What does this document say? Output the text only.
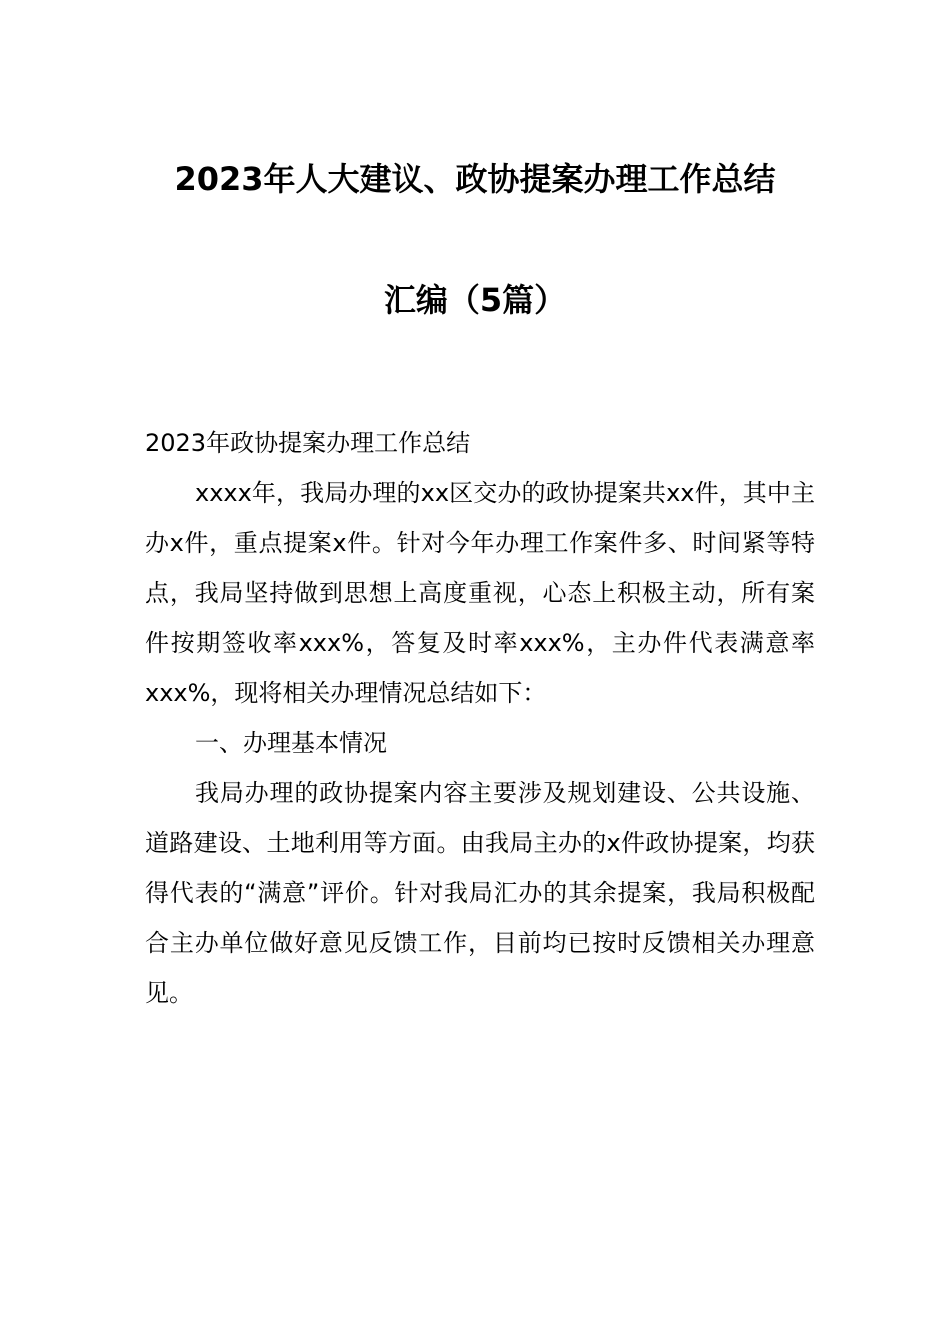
2023年人大建议、政协提案办理工作总结
汇编（5篇）

2023年政协提案办理工作总结

xxxx年，我局办理的xx区交办的政协提案共xx件，其中主办x件，重点提案x件。针对今年办理工作案件多、时间紧等特点，我局坚持做到思想上高度重视，心态上积极主动，所有案件按期签收率xxx%，答复及时率xxx%，主办件代表满意率xxx%，现将相关办理情况总结如下：

一、办理基本情况

我局办理的政协提案内容主要涉及规划建设、公共设施、道路建设、土地利用等方面。由我局主办的x件政协提案，均获得代表的“满意”评价。针对我局汇办的其余提案，我局积极配合主办单位做好意见反馈工作，目前均已按时反馈相关办理意见。
